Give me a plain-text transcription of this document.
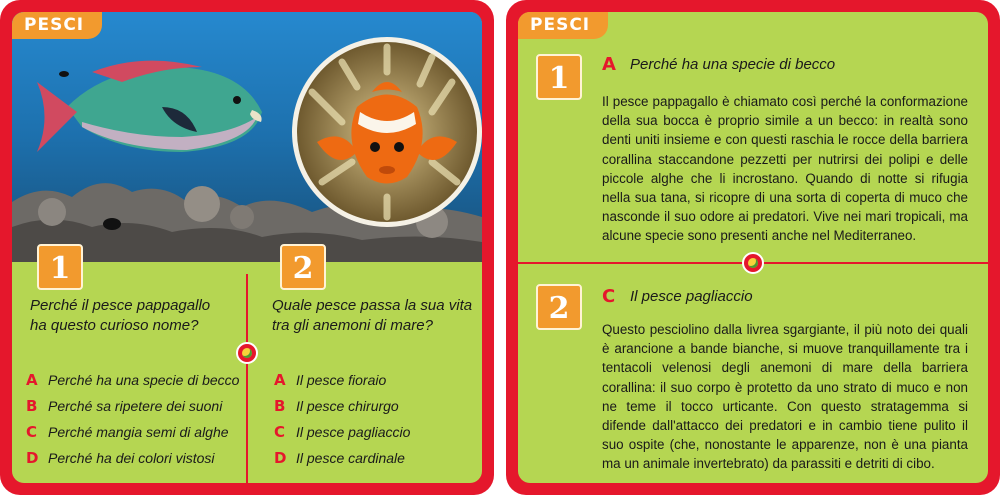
PESCI
1	2
Perché il pesce pappagallo ha questo curioso nome?
Quale pesce passa la sua vita tra gli anemoni di mare?
A Perché ha una specie di becco
B Perché sa ripetere dei suoni
C Perché mangia semi di alghe
D Perché ha dei colori vistosi
A Il pesce fioraio
B Il pesce chirurgo
C Il pesce pagliaccio
D Il pesce cardinale
PESCI
1	A Perché ha una specie di becco
Il pesce pappagallo è chiamato così perché la conformazione della sua bocca è proprio simile a un becco: in realtà sono denti uniti insieme e con questi raschia le rocce della barriera corallina staccandone pezzetti per nutrirsi dei polipi e delle piccole alghe che li incrostano. Quando di notte si rifugia nella sua tana, si ricopre di una sorta di coperta di muco che nasconde il suo odore ai predatori. Vive nei mari tropicali, ma alcune specie sono presenti anche nel Mediterraneo.
2	C Il pesce pagliaccio
Questo pesciolino dalla livrea sgargiante, il più noto dei quali è arancione a bande bianche, si muove tranquillamente tra i tentacoli velenosi degli anemoni di mare della barriera corallina: il suo corpo è protetto da uno strato di muco e non ne teme il tocco urticante. Con questo stratagemma si difende dall'attacco dei predatori e in cambio tiene pulito il suo ospite (che, nonostante le apparenze, non è una pianta ma un animale invertebrato) da parassiti e detriti di cibo.
